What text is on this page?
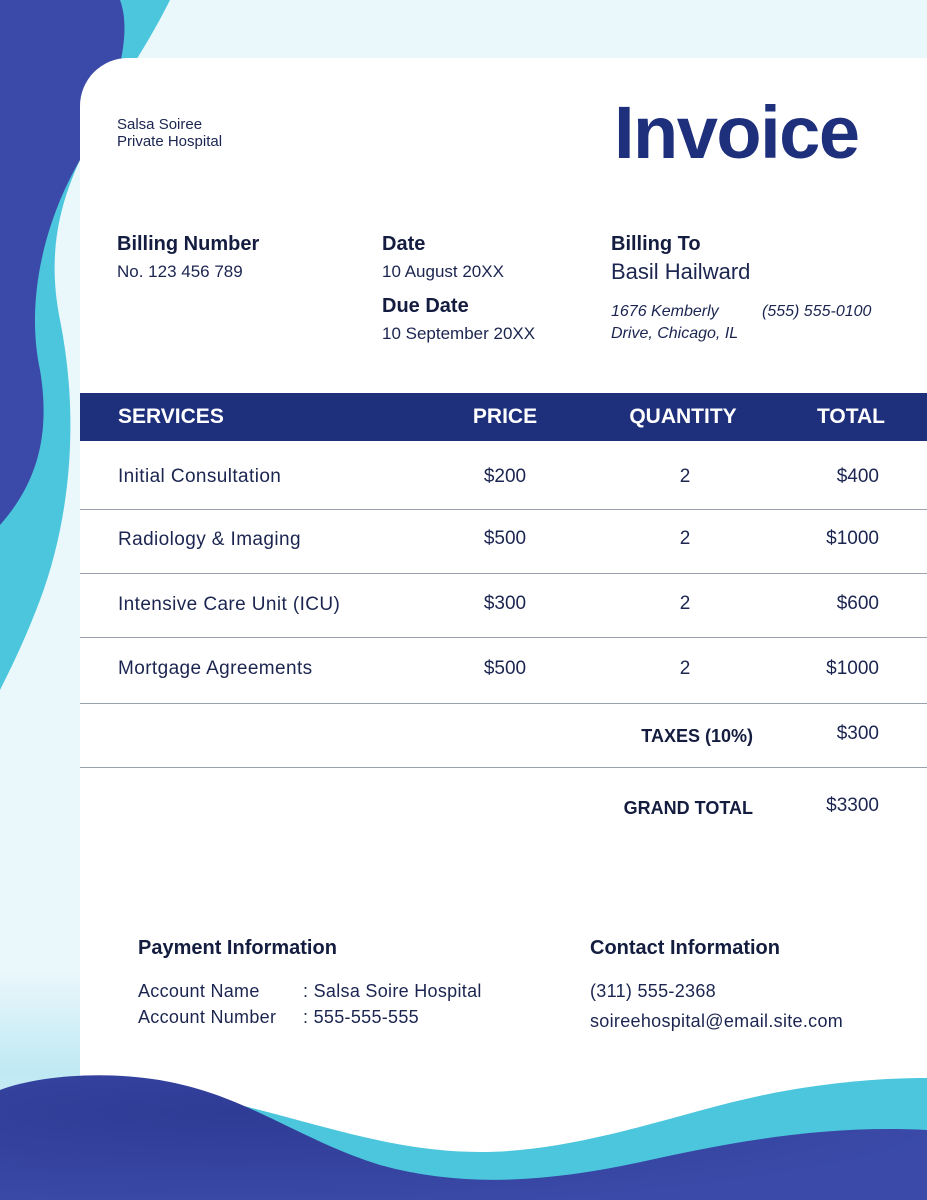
Salsa Soiree
Private Hospital	Invoice
Billing Number
No. 123 456 789
Date
10 August 20XX
Due Date
10 September 20XX
Billing To
Basil Hailward
1676 Kemberly
Drive, Chicago, IL
(555) 555-0100
SERVICES	PRICE	QUANTITY	TOTAL
Initial Consultation	$200	2	$400
Radiology & Imaging	$500	2	$1000
Intensive Care Unit (ICU)	$300	2	$600
Mortgage Agreements	$500	2	$1000
TAXES (10%)	$300
GRAND TOTAL	$3300
Payment Information
Account Name : Salsa Soire Hospital
Account Number : 555-555-555
Contact Information
(311) 555-2368
soireehospital@email.site.com
